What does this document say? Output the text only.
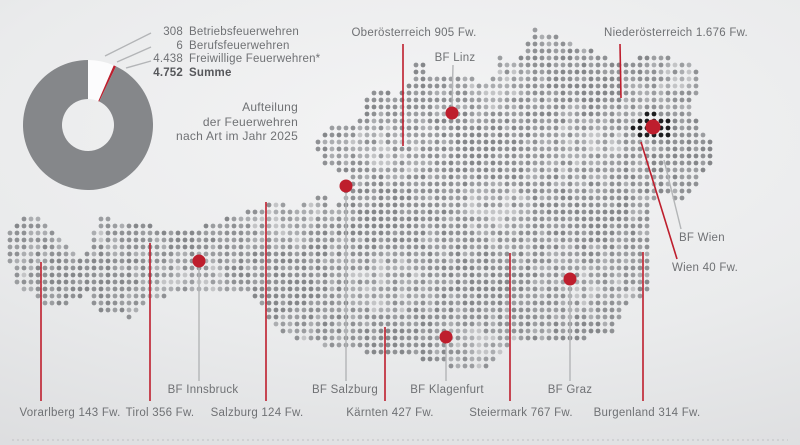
308 Betriebsfeuerwehren
6 Berufsfeuerwehren
4.438 Freiwillige Feuerwehren*
4.752 Summe
Aufteilung
der Feuerwehren
nach Art im Jahr 2025
Oberösterreich 905 Fw.
BF Linz
Niederösterreich 1.676 Fw.
BF Wien
Wien 40 Fw.
Vorarlberg 143 Fw. Tirol 356 Fw.
BF Innsbruck
Salzburg 124 Fw.
BF Salzburg
Kärnten 427 Fw.
BF Klagenfurt
Steiermark 767 Fw.
BF Graz
Burgenland 314 Fw.
